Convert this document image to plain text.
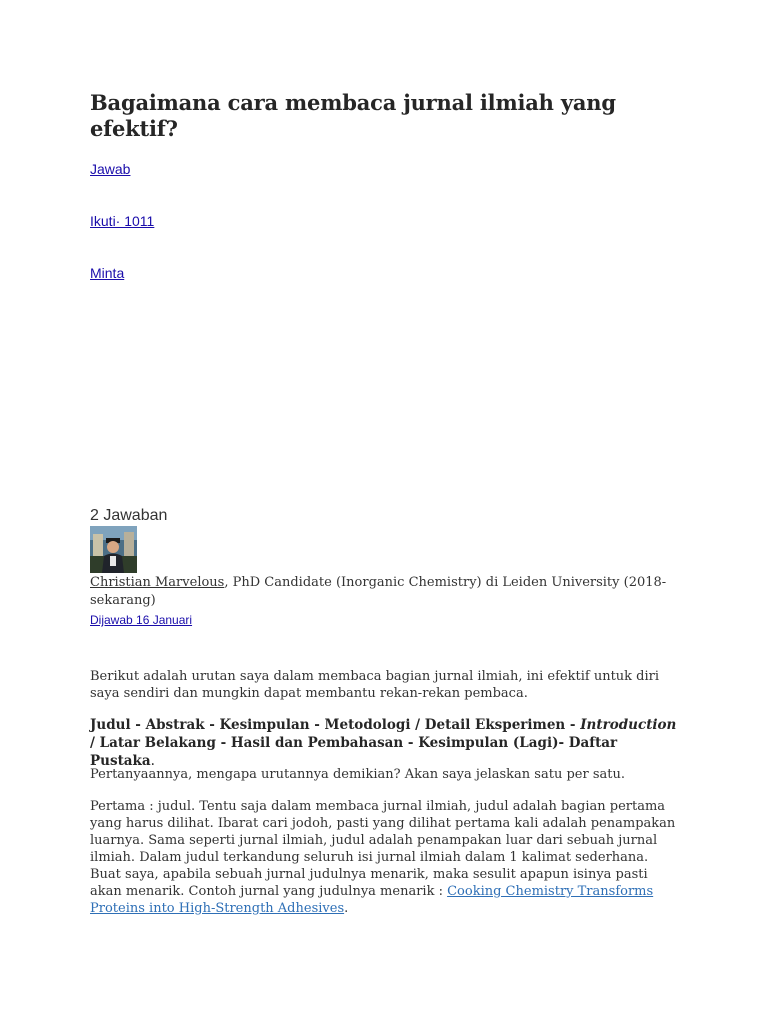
Bagaimana cara membaca jurnal ilmiah yang efektif?
Jawab
Ikuti· 1011
Minta
2 Jawaban
Christian Marvelous, PhD Candidate (Inorganic Chemistry) di Leiden University (2018-sekarang)
Dijawab 16 Januari

Berikut adalah urutan saya dalam membaca bagian jurnal ilmiah, ini efektif untuk diri saya sendiri dan mungkin dapat membantu rekan-rekan pembaca.

Judul - Abstrak - Kesimpulan - Metodologi / Detail Eksperimen - Introduction / Latar Belakang - Hasil dan Pembahasan - Kesimpulan (Lagi)- Daftar Pustaka.

Pertanyaannya, mengapa urutannya demikian? Akan saya jelaskan satu per satu.

Pertama : judul. Tentu saja dalam membaca jurnal ilmiah, judul adalah bagian pertama yang harus dilihat. Ibarat cari jodoh, pasti yang dilihat pertama kali adalah penampakan luarnya. Sama seperti jurnal ilmiah, judul adalah penampakan luar dari sebuah jurnal ilmiah. Dalam judul terkandung seluruh isi jurnal ilmiah dalam 1 kalimat sederhana. Buat saya, apabila sebuah jurnal judulnya menarik, maka sesulit apapun isinya pasti akan menarik. Contoh jurnal yang judulnya menarik : Cooking Chemistry Transforms Proteins into High-Strength Adhesives.
